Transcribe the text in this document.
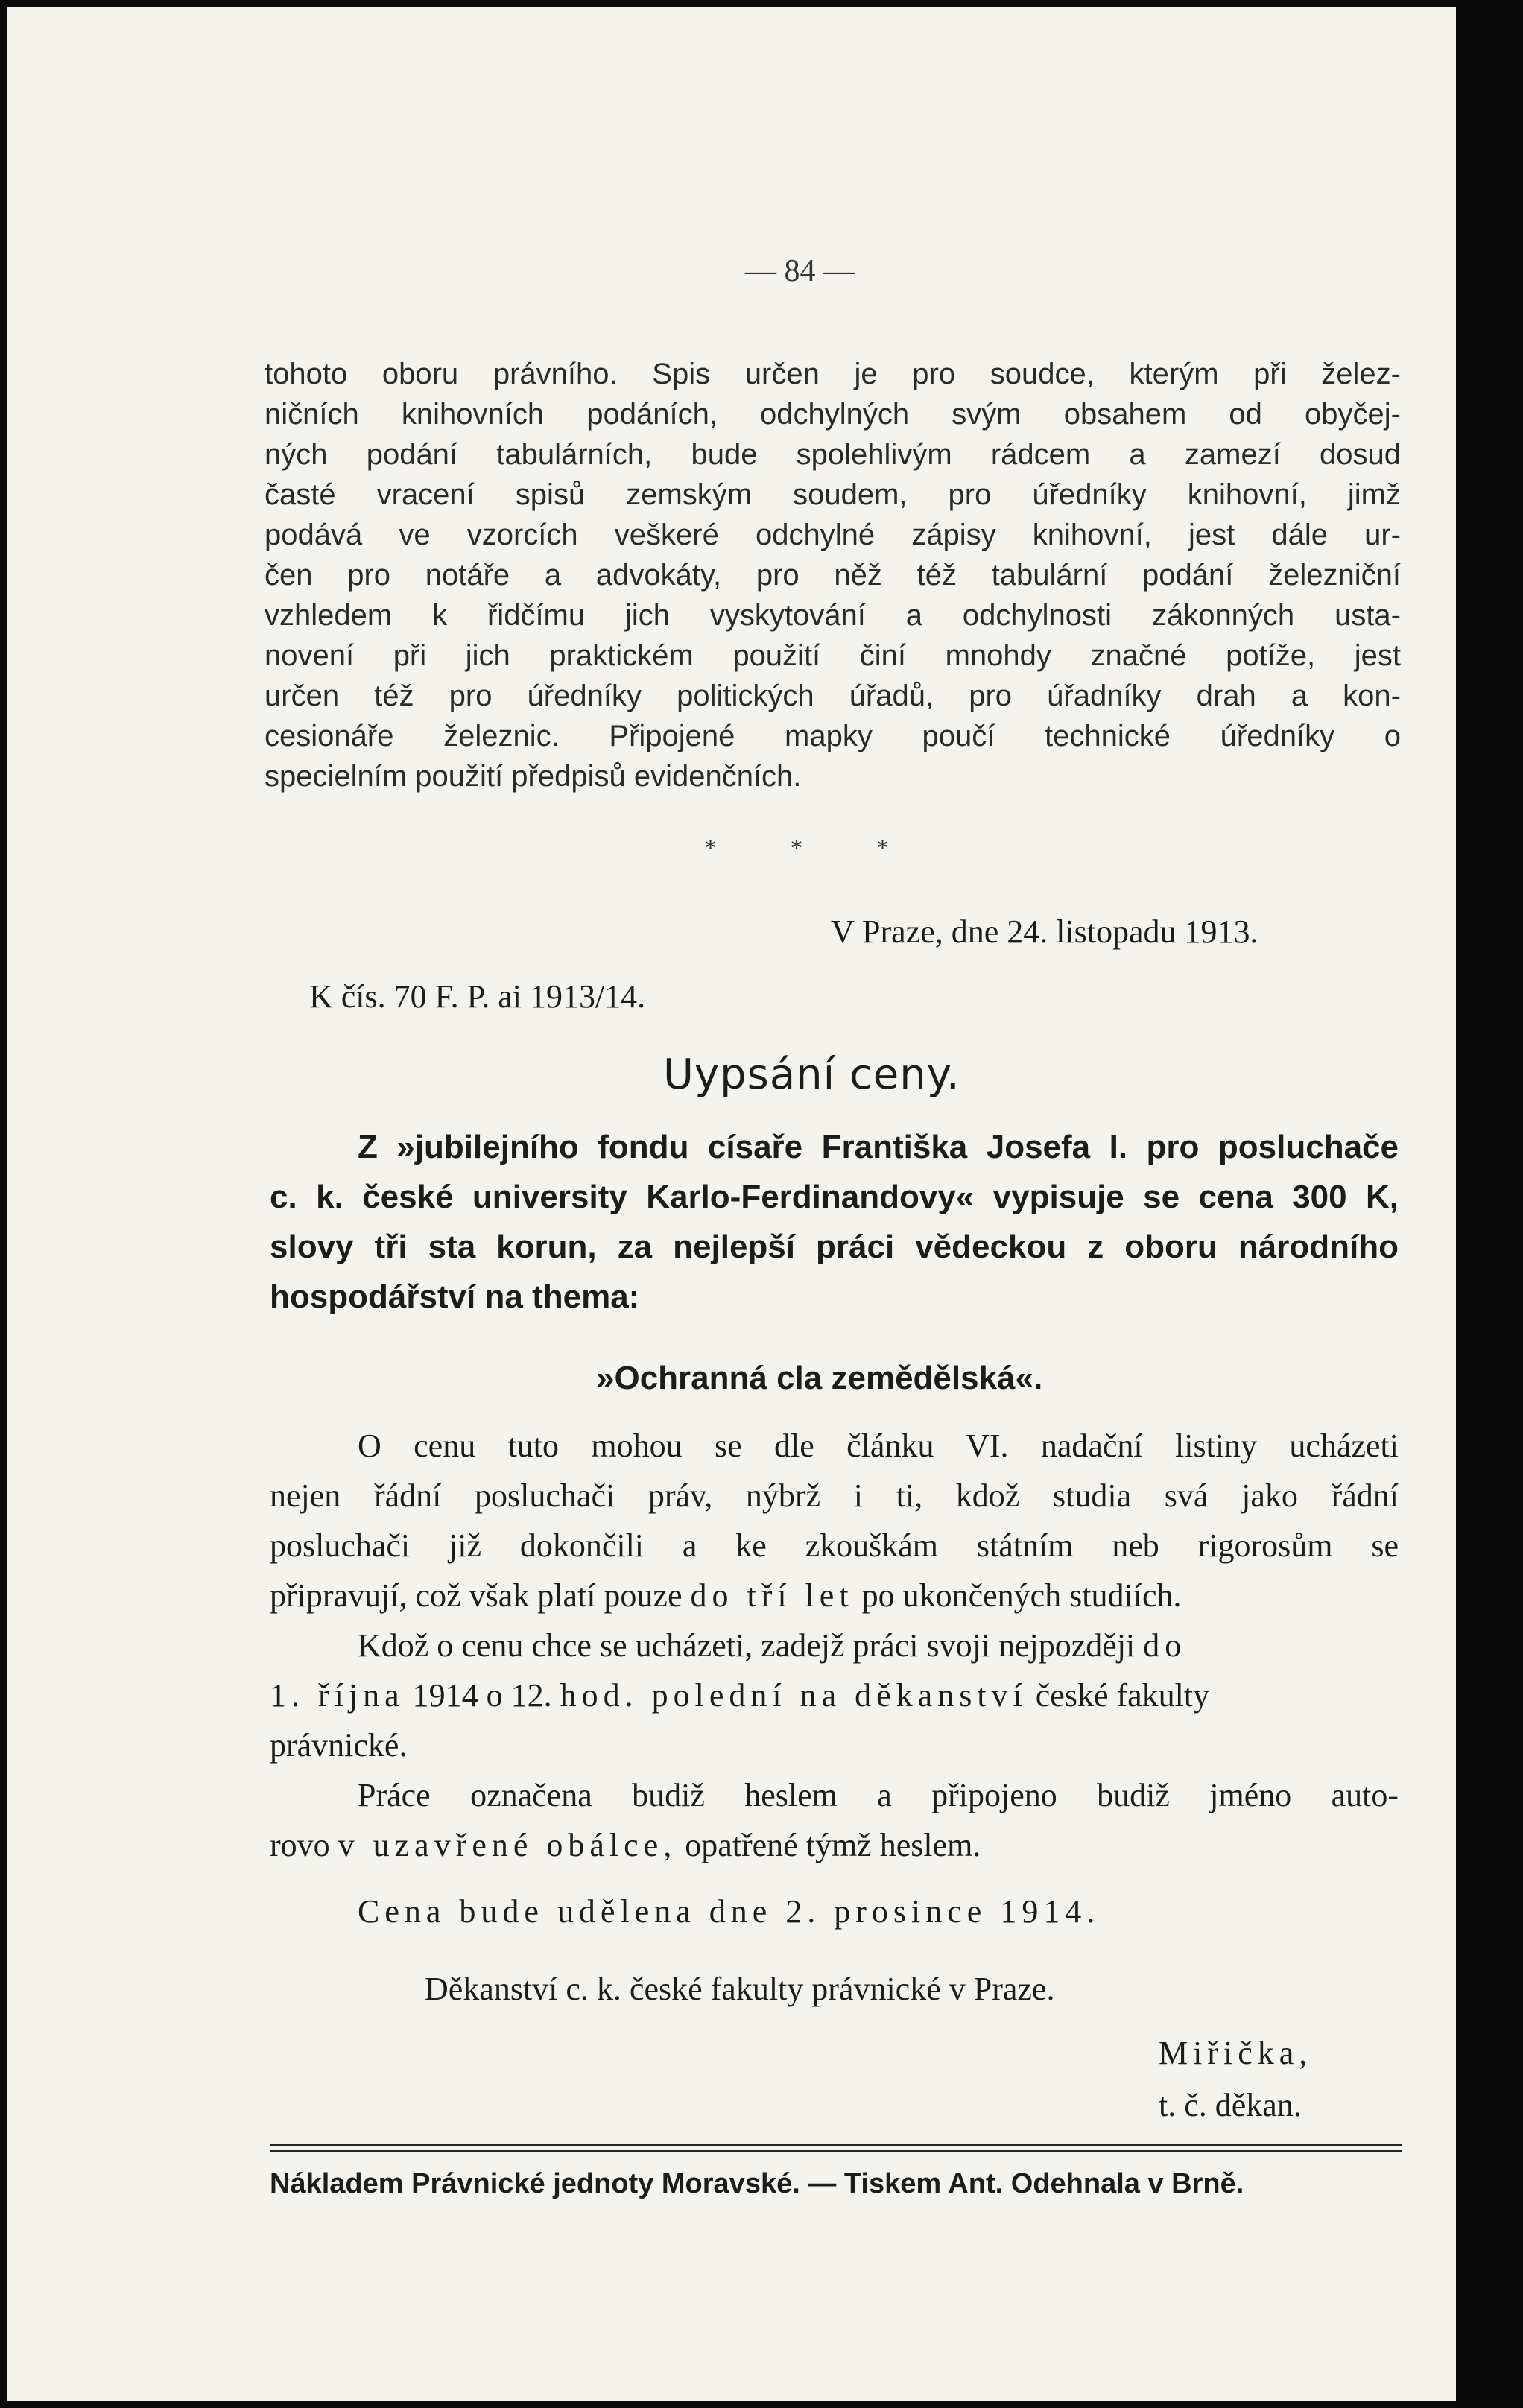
— 84 —
tohoto oboru právního. Spis určen je pro soudce, kterým při želez-
ničních knihovních podáních, odchylných svým obsahem od obyčej-
ných podání tabulárních, bude spolehlivým rádcem a zamezí dosud
časté vracení spisů zemským soudem, pro úředníky knihovní, jimž
podává ve vzorcích veškeré odchylné zápisy knihovní, jest dále ur-
čen pro notáře a advokáty, pro něž též tabulární podání železniční
vzhledem k řidčímu jich vyskytování a odchylnosti zákonných usta-
novení při jich praktickém použití činí mnohdy značné potíže, jest
určen též pro úředníky politických úřadů, pro úřadníky drah a kon-
cesionáře železnic. Připojené mapky poučí technické úředníky o
specielním použití předpisů evidenčních.
* * *
V Praze, dne 24. listopadu 1913.
K čís. 70 F. P. ai 1913/14.
Uypsání ceny.
Z »jubilejního fondu císaře Františka Josefa I. pro posluchače
c. k. české university Karlo-Ferdinandovy« vypisuje se cena 300 K,
slovy tři sta korun, za nejlepší práci vědeckou z oboru národního
hospodářství na thema:
»Ochranná cla zemědělská«.
O cenu tuto mohou se dle článku VI. nadační listiny ucházeti
nejen řádní posluchači práv, nýbrž i ti, kdož studia svá jako řádní
posluchači již dokončili a ke zkouškám státním neb rigorosům se
připravují, což však platí pouze do tří let po ukončených studiích.
Kdož o cenu chce se ucházeti, zadejž práci svoji nejpozději do
1. října 1914 o 12. hod. polední na děkanství české fakulty
právnické.
Práce označena budiž heslem a připojeno budiž jméno auto-
rovo v uzavřené obálce, opatřené týmž heslem.
Cena bude udělena dne 2. prosince 1914.
Děkanství c. k. české fakulty právnické v Praze.
Miřička,
t. č. děkan.
Nákladem Právnické jednoty Moravské. — Tiskem Ant. Odehnala v Brně.
